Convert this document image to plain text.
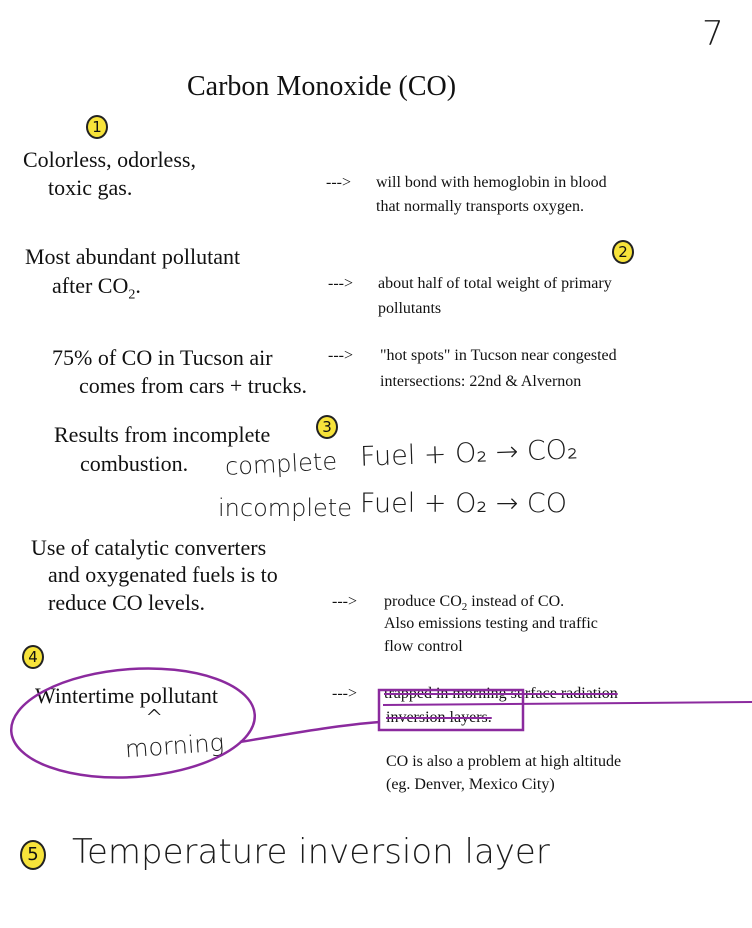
7
Carbon Monoxide (CO)
1
2
3
4
5
Colorless, odorless,
toxic gas.	---> will bond with hemoglobin in blood
that normally transports oxygen.
Most abundant pollutant
after $CO_2$.	---> about half of total weight of primary
pollutants
75% of CO in Tucson air
comes from cars + trucks.
---> "hot spots" in Tucson near congested
intersections: 22nd & Alvernon
Results from incomplete
combustion. complete Fuel + O₂ → CO₂
incomplete Fuel + O₂ → CO
Use of catalytic converters
and oxygenated fuels is to
reduce CO levels.	---> produce $CO_2$ instead of CO.
Also emissions testing and traffic
flow control
Wintertime pollutant
^
morning
---> trapped in morning surface radiation
inversion layers.
CO is also a problem at high altitude
(eg. Denver, Mexico City)
Temperature inversion layer
